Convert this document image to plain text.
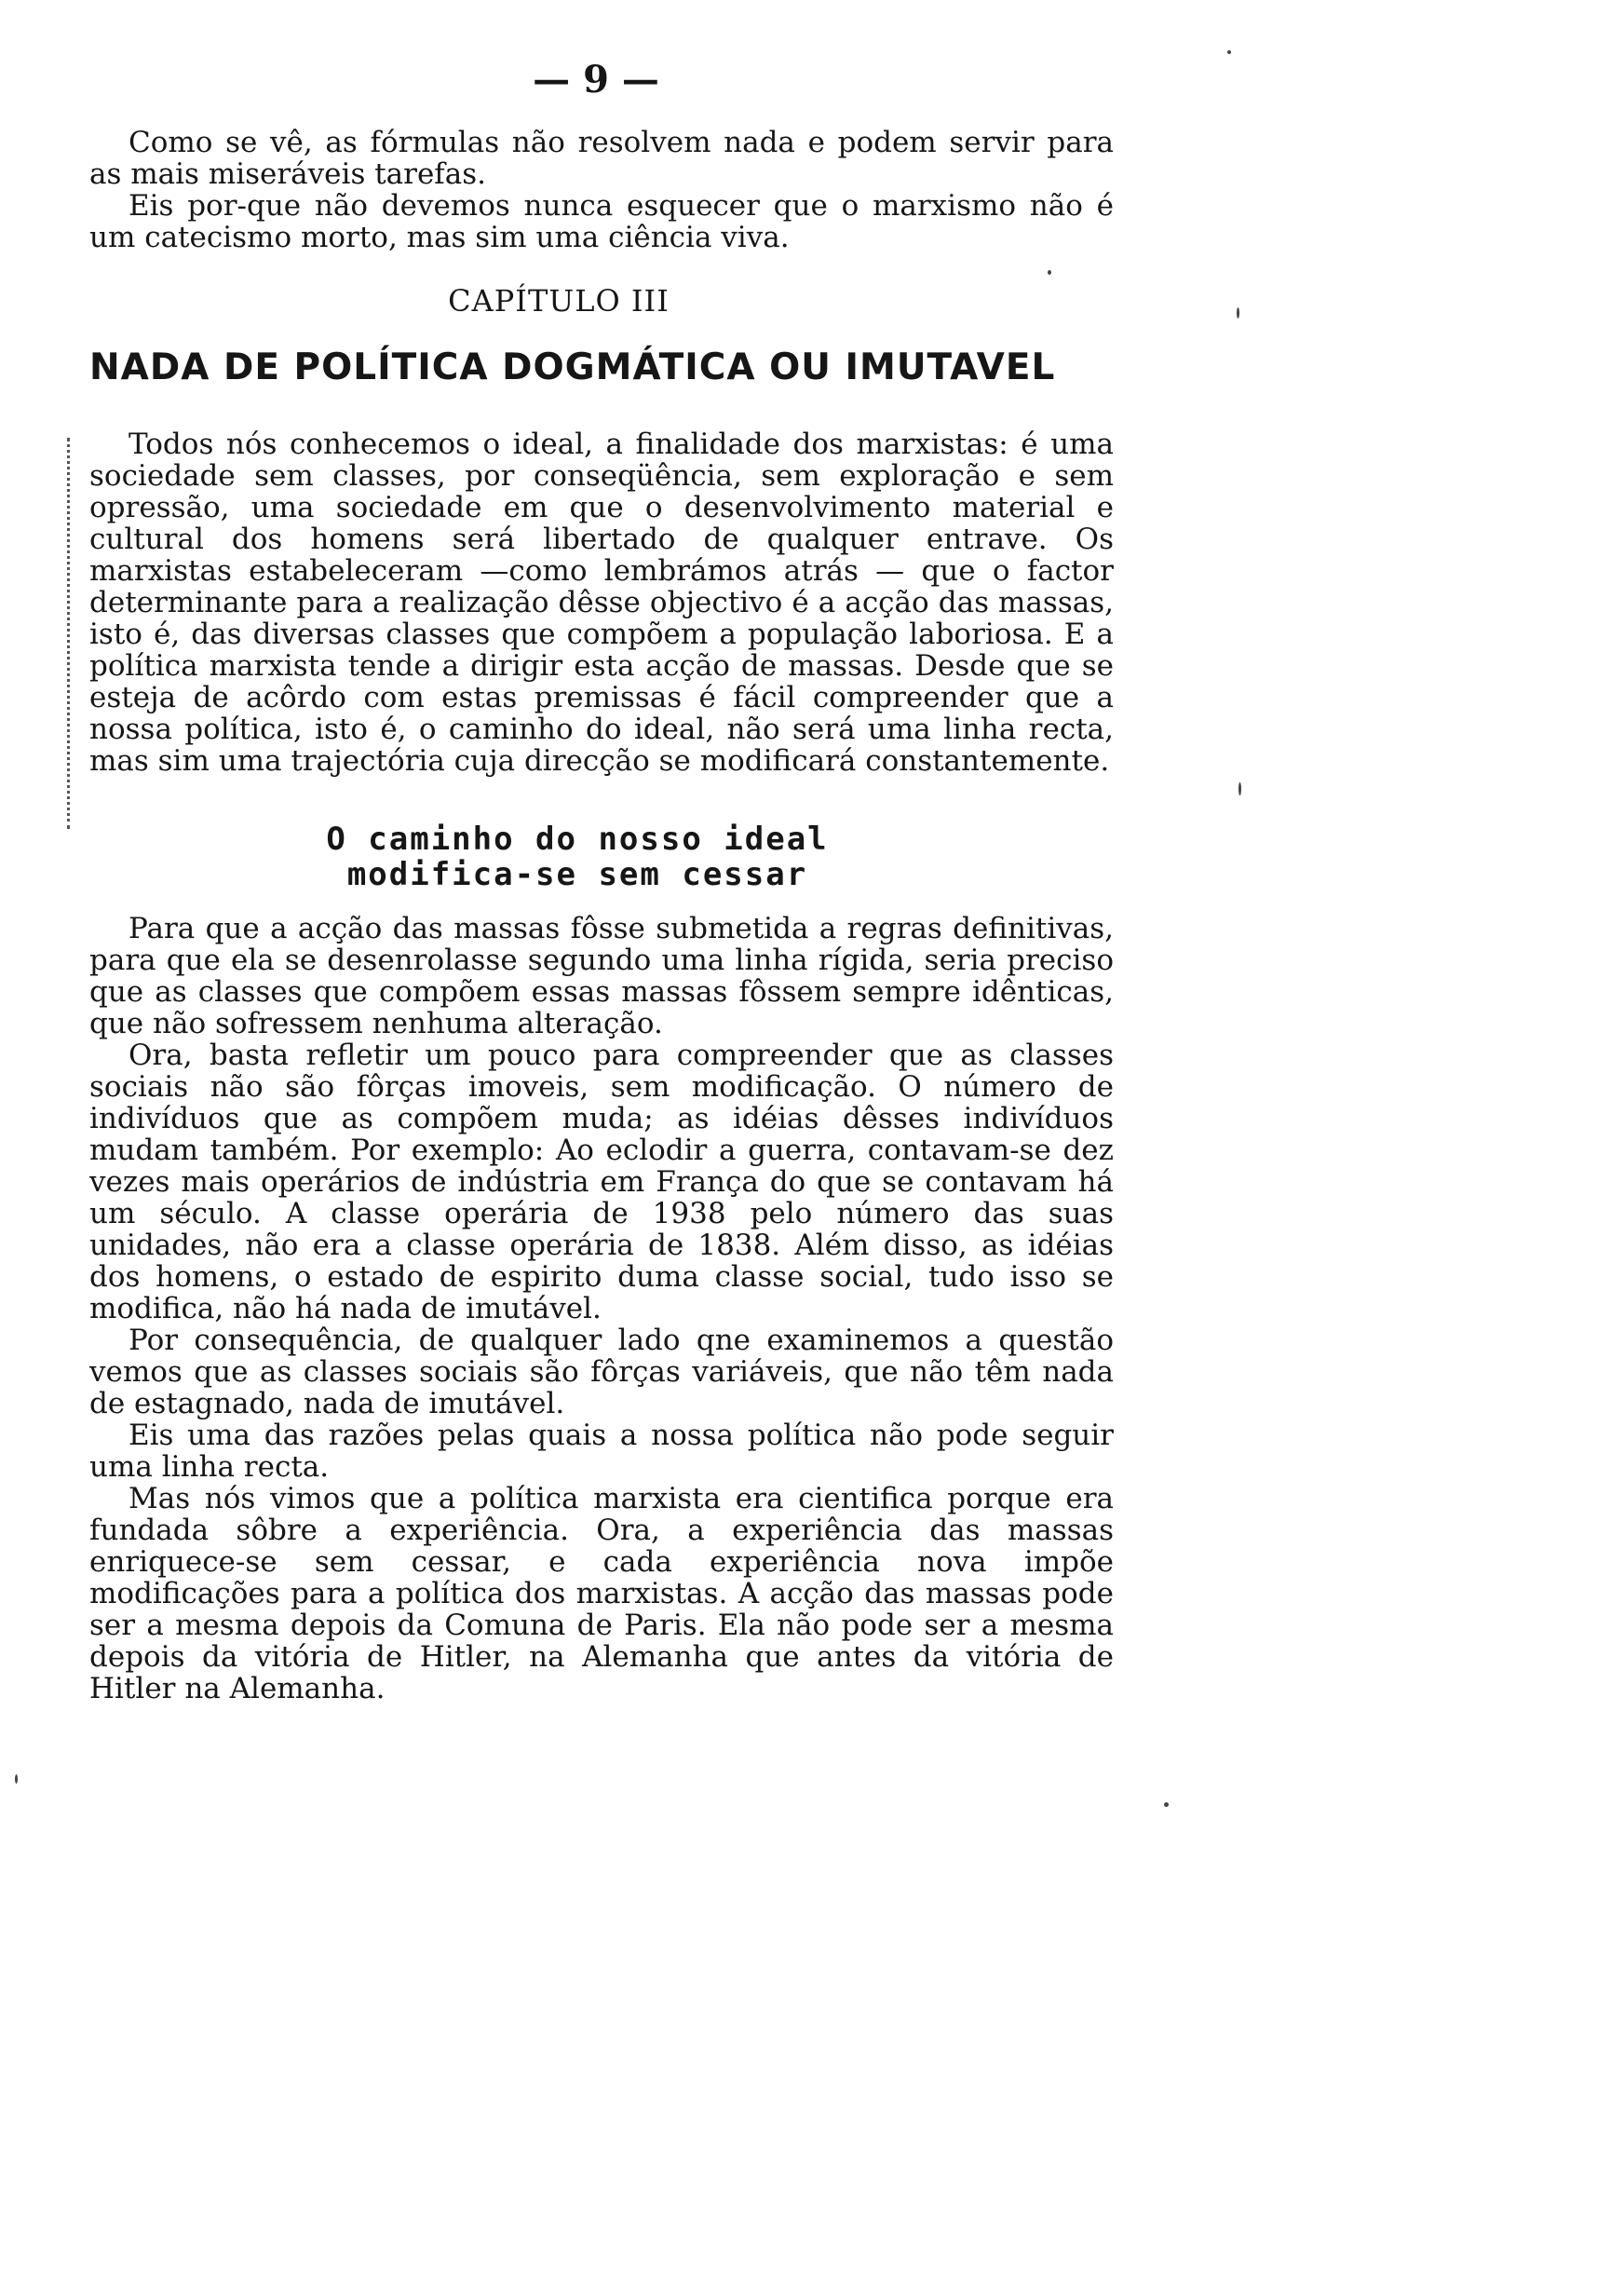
— 9 —

Como se vê, as fórmulas não resolvem nada e podem servir para as mais miseráveis tarefas.

Eis por-que não devemos nunca esquecer que o marxismo não é um catecismo morto, mas sim uma ciência viva.

CAPÍTULO III
NADA DE POLÍTICA DOGMÁTICA OU IMUTAVEL

Todos nós conhecemos o ideal, a finalidade dos marxistas: é uma sociedade sem classes, por conseqüência, sem exploração e sem opressão, uma sociedade em que o desenvolvimento material e cultural dos homens será libertado de qualquer entrave. Os marxistas estabeleceram —como lembrámos atrás — que o factor determinante para a realização dêsse objectivo é a acção das massas, isto é, das diversas classes que compõem a população laboriosa. E a política marxista tende a dirigir esta acção de massas. Desde que se esteja de acôrdo com estas premissas é fácil compreender que a nossa política, isto é, o caminho do ideal, não será uma linha recta, mas sim uma trajectória cuja direcção se modificará constantemente.

O caminho do nosso ideal
modifica-se sem cessar

Para que a acção das massas fôsse submetida a regras definitivas, para que ela se desenrolasse segundo uma linha rígida, seria preciso que as classes que compõem essas massas fôssem sempre idênticas, que não sofressem nenhuma alteração.

Ora, basta refletir um pouco para compreender que as classes sociais não são fôrças imoveis, sem modificação. O número de indivíduos que as compõem muda; as idéias dêsses indivíduos mudam também. Por exemplo: Ao eclodir a guerra, contavam-se dez vezes mais operários de indústria em França do que se contavam há um século. A classe operária de 1938 pelo número das suas unidades, não era a classe operária de 1838. Além disso, as idéias dos homens, o estado de espirito duma classe social, tudo isso se modifica, não há nada de imutável.

Por consequência, de qualquer lado qne examinemos a questão vemos que as classes sociais são fôrças variáveis, que não têm nada de estagnado, nada de imutável.

Eis uma das razões pelas quais a nossa política não pode seguir uma linha recta.

Mas nós vimos que a política marxista era cientifica porque era fundada sôbre a experiência. Ora, a experiência das massas enriquece-se sem cessar, e cada experiência nova impõe modificações para a política dos marxistas. A acção das massas pode ser a mesma depois da Comuna de Paris. Ela não pode ser a mesma depois da vitória de Hitler, na Alemanha que antes da vitória de Hitler na Alemanha.
